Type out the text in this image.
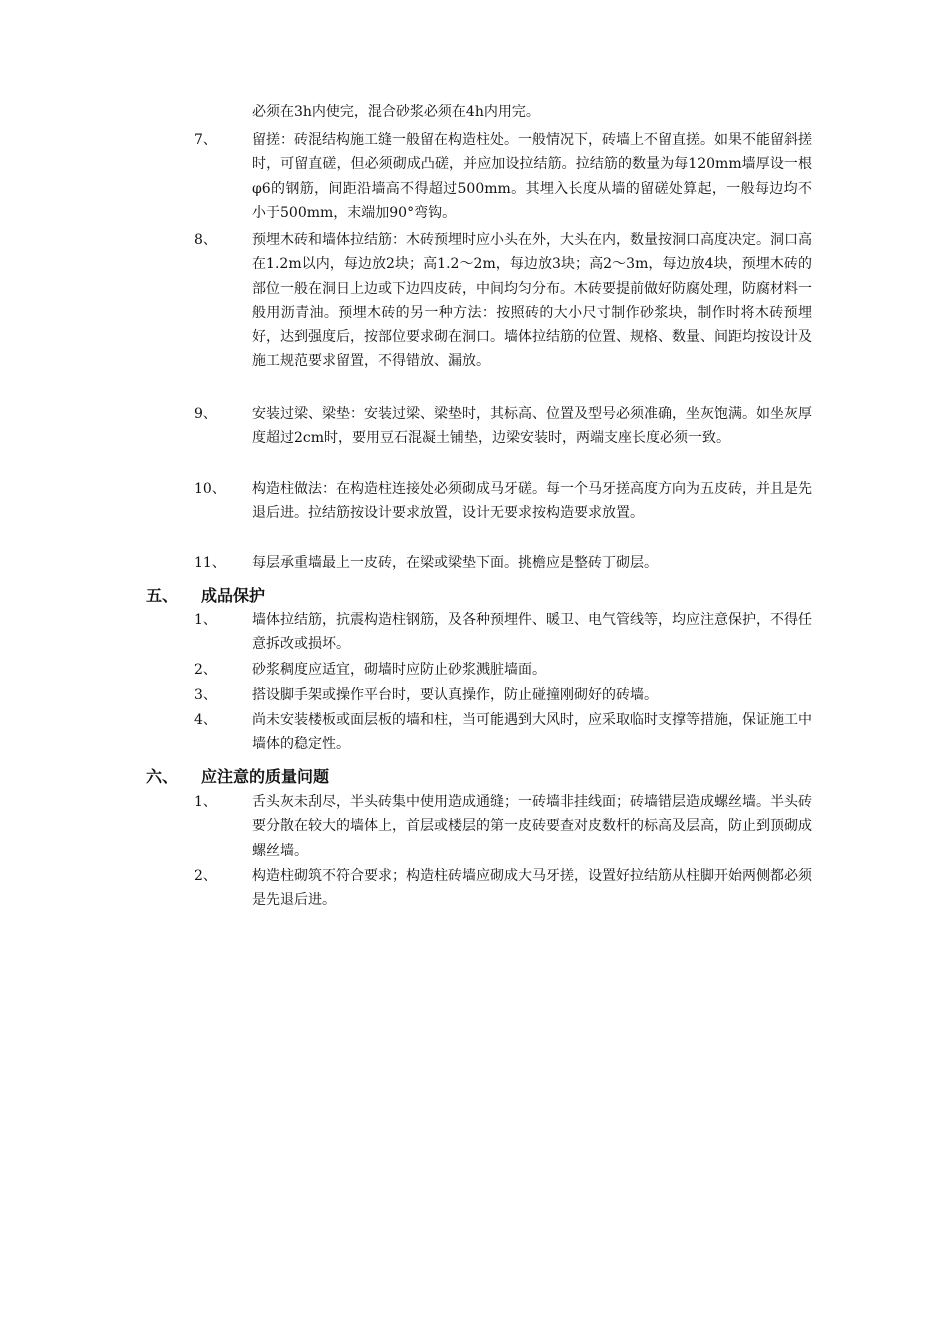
必须在3h内使完，混合砂浆必须在4h内用完。
7、	留搓：砖混结构施工缝一般留在构造柱处。一般情况下，砖墙上不留直搓。如果不能留斜搓时，可留直磋，但必须砌成凸磋，并应加设拉结筋。拉结筋的数量为每120mm墙厚设一根φ6的钢筋，间距沿墙高不得超过500mm。其埋入长度从墙的留磋处算起，一般每边均不小于500mm，末端加90°弯钩。
8、	预埋木砖和墙体拉结筋：木砖预埋时应小头在外，大头在内，数量按洞口高度决定。洞口高在1.2m以内，每边放2块；高1.2～2m，每边放3块；高2～3m，每边放4块，预埋木砖的部位一般在洞日上边或下边四皮砖，中间均匀分布。木砖要提前做好防腐处理，防腐材料一般用沥青油。预埋木砖的另一种方法：按照砖的大小尺寸制作砂浆块，制作时将木砖预埋好，达到强度后，按部位要求砌在洞口。墙体拉结筋的位置、规格、数量、间距均按设计及施工规范要求留置，不得错放、漏放。
9、	安装过梁、梁垫：安装过梁、梁垫时，其标高、位置及型号必须准确，坐灰饱满。如坐灰厚度超过2cm时，要用豆石混凝土铺垫，边梁安装时，两端支座长度必须一致。
10、 构造柱做法：在构造柱连接处必须砌成马牙磋。每一个马牙搓高度方向为五皮砖，并且是先退后进。拉结筋按设计要求放置，设计无要求按构造要求放置。
11、 每层承重墙最上一皮砖，在梁或梁垫下面。挑檐应是整砖丁砌层。
五、 成品保护
1、	墙体拉结筋，抗震构造柱钢筋，及各种预埋件、暖卫、电气管线等，均应注意保护，不得任意拆改或损坏。
2、	砂浆稠度应适宜，砌墙时应防止砂浆溅脏墙面。
3、	搭设脚手架或操作平台时，要认真操作，防止碰撞刚砌好的砖墙。
4、	尚未安装楼板或面层板的墙和柱，当可能遇到大风时，应采取临时支撑等措施，保证施工中墙体的稳定性。
六、 应注意的质量问题
1、	舌头灰未刮尽，半头砖集中使用造成通缝；一砖墙非挂线面；砖墙错层造成螺丝墙。半头砖要分散在较大的墙体上，首层或楼层的第一皮砖要查对皮数杆的标高及层高，防止到顶砌成螺丝墙。
2、	构造柱砌筑不符合要求；构造柱砖墙应砌成大马牙搓，设置好拉结筋从柱脚开始两侧都必须是先退后进。
